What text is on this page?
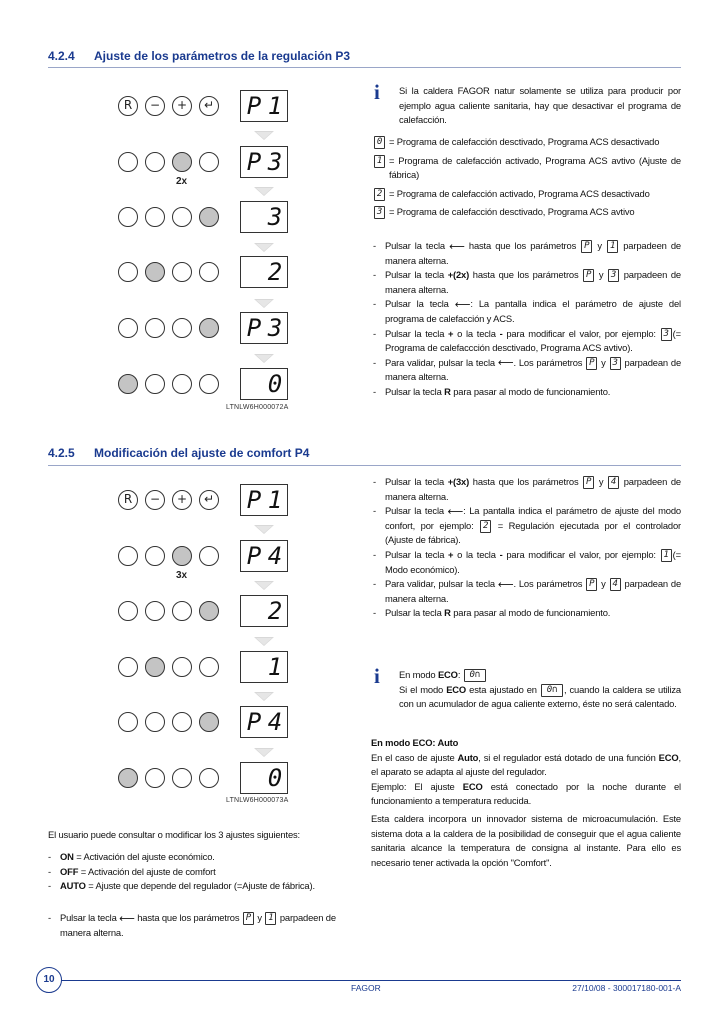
4.2.4 Ajuste de los parámetros de la regulación P3
R	−	+	↵ P 1
2x
P 3
3
2
P 3
0
LTNLW6H000072A
i Si la caldera FAGOR natur solamente se utiliza para producir por ejemplo agua caliente sanitaria, hay que desactivar el programa de calefacción.
0 = Programa de calefacción desctivado, Programa ACS desactivado
1 = Programa de calefacción activado, Programa ACS avtivo (Ajuste de fábrica)
2 = Programa de calefacción activado, Programa ACS desactivado
3 = Programa de calefacción desctivado, Programa ACS avtivo
- Pulsar la tecla ⟵ hasta que los parámetros P y 1 parpadeen de manera alterna.
- Pulsar la tecla +(2x) hasta que los parámetros P y 3 parpadeen de manera alterna.
- Pulsar la tecla ⟵: La pantalla indica el parámetro de ajuste del programa de calefacción y ACS.
- Pulsar la tecla + o la tecla - para modificar el valor, por ejemplo: 3 (= Programa de calefaccción desctivado, Programa ACS avtivo).
- Para validar, pulsar la tecla ⟵. Los parámetros P y 3 parpadean de manera alterna.
- Pulsar la tecla R para pasar al modo de funcionamiento.
4.2.5 Modificación del ajuste de comfort P4
R	−	+	↵ P 1
3x
P 4
2
1
P 4
0
LTNLW6H000073A
- Pulsar la tecla +(3x) hasta que los parámetros P y 4 parpadeen de manera alterna.
- Pulsar la tecla ⟵: La pantalla indica el parámetro de ajuste del modo confort, por ejemplo: 2 = Regulación ejecutada por el controlador (Ajuste de fábrica).
- Pulsar la tecla + o la tecla - para modificar el valor, por ejemplo: 1 (= Modo económico).
- Para validar, pulsar la tecla ⟵. Los parámetros P y 4 parpadean de manera alterna.
- Pulsar la tecla R para pasar al modo de funcionamiento.
i En modo ECO: 0∩
Si el modo ECO esta ajustado en 0∩ , cuando la caldera se utiliza con un acumulador de agua caliente externo, éste no será calentado.
En modo ECO: Auto
En el caso de ajuste Auto, si el regulador está dotado de una función ECO, el aparato se adapta al ajuste del regulador.
Ejemplo: El ajuste ECO está conectado por la noche durante el funcionamiento a temperatura reducida.
Esta caldera incorpora un innovador sistema de microacumulación. Este sistema dota a la caldera de la posibilidad de conseguir que el agua caliente sanitaria alcance la temperatura de consigna al instante. Para ello es necesario tener activada la opción "Comfort".
El usuario puede consultar o modificar los 3 ajustes siguientes:
- ON = Activación del ajuste económico.
- OFF = Activación del ajuste de comfort
- AUTO = Ajuste que depende del regulador (=Ajuste de fábrica).
- Pulsar la tecla ⟵ hasta que los parámetros P y 1 parpadeen de manera alterna.
10
FAGOR	27/10/08 - 300017180-001-A
